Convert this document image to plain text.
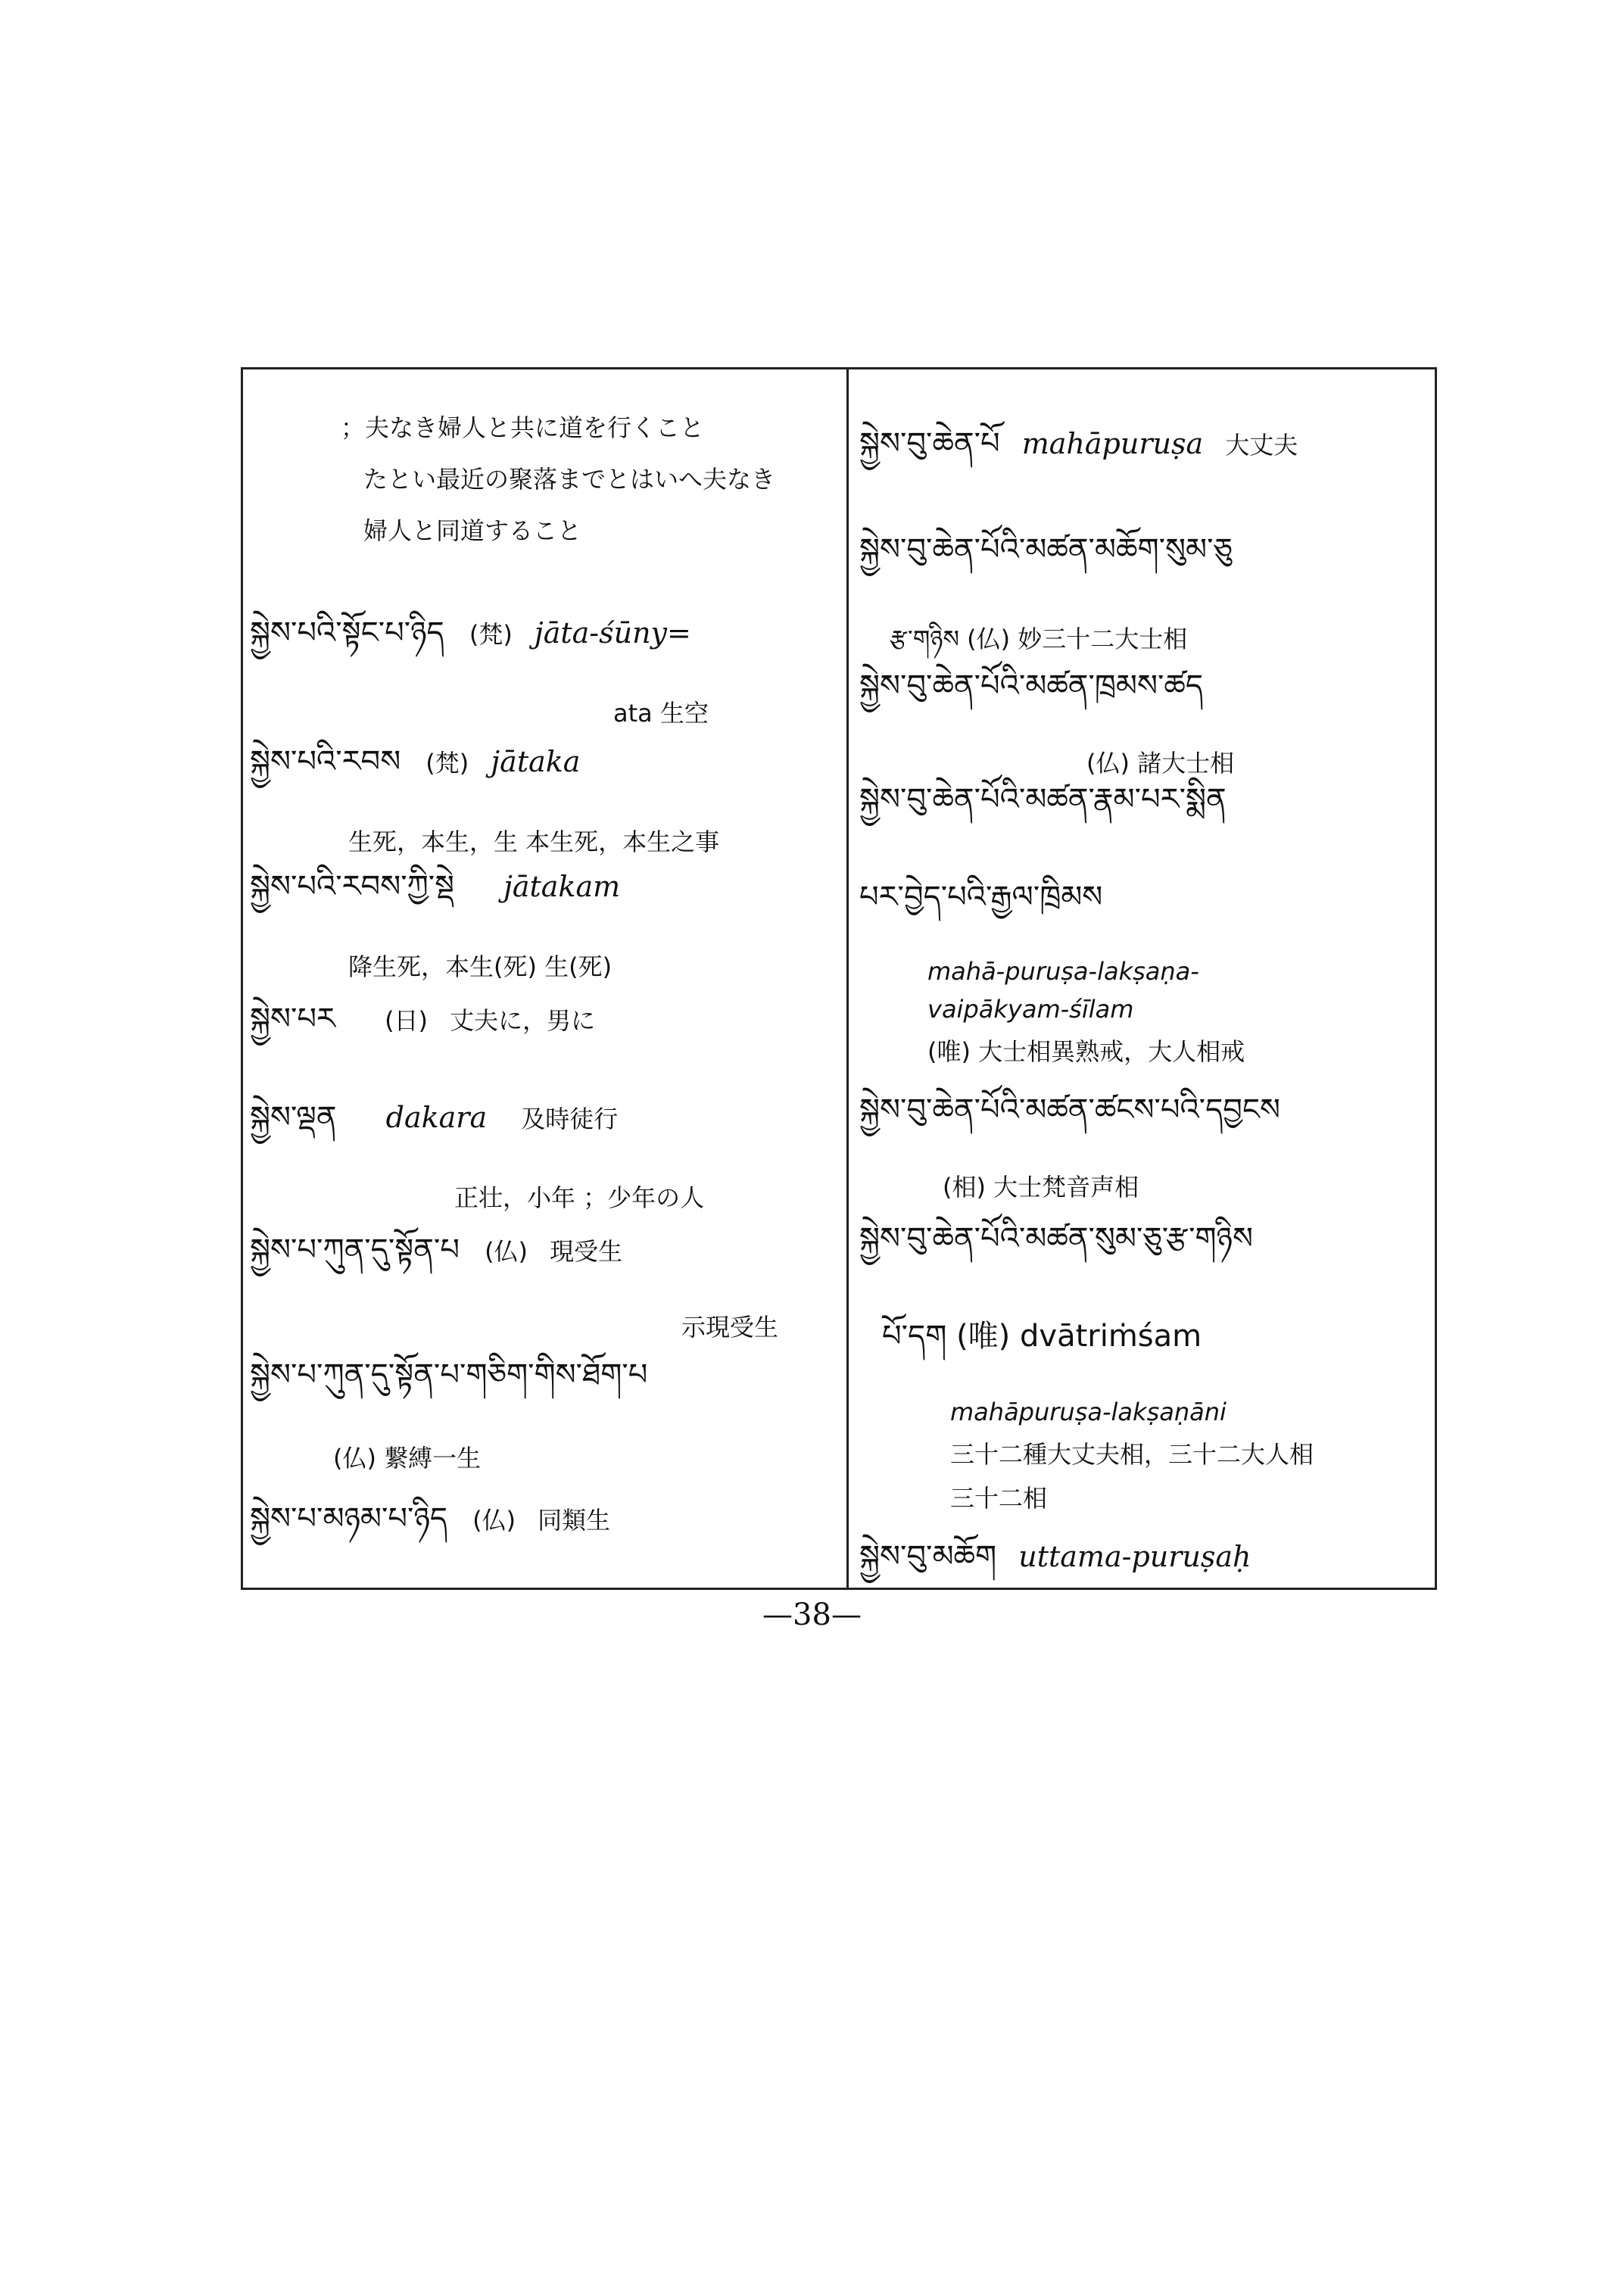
；夫なき婦人と共に道を行くこと
たとい最近の聚落までとはいへ夫なき
婦人と同道すること
སྐྱེས་པའི་སྟོང་པ་ཉིད (梵) jāta-śūny=
ata 生空
སྐྱེས་པའི་རབས (梵) jātaka
生死，本生，生 本生死，本生之事
སྐྱེས་པའི་རབས་ཀྱི་སྡེ jātakam
降生死，本生(死) 生(死)
སྐྱེས་པར (日) 丈夫に，男に
སྐྱེས་ལྡན dakara 及時徒行
正壮，小年 ；少年の人
སྐྱེས་པ་ཀུན་དུ་སྟོན་པ (仏) 現受生
示現受生
སྐྱེས་པ་ཀུན་དུ་སྟོན་པ་གཅིག་གིས་ཐོག་པ
(仏) 繋縛一生
སྐྱེས་པ་མཉམ་པ་ཉིད (仏) 同類生
སྐྱེས་བུ་ཆེན་པོ mahāpuruṣa 大丈夫
སྐྱེས་བུ་ཆེན་པོའི་མཚན་མཆོག་སུམ་ཅུ
རྩ་གཉིས (仏) 妙三十二大士相
སྐྱེས་བུ་ཆེན་པོའི་མཚན་ཁྲམས་ཚད
(仏) 諸大士相
སྐྱེས་བུ་ཆེན་པོའི་མཚན་རྣམ་པར་སྨིན
པར་བྱེད་པའི་རྒྱལ་ཁྲིམས
mahā-puruṣa-lakṣaṇa-
vaipākyam-śīlam
(唯) 大士相異熟戒，大人相戒
སྐྱེས་བུ་ཆེན་པོའི་མཚན་ཚངས་པའི་དབྱངས
(相) 大士梵音声相
སྐྱེས་བུ་ཆེན་པོའི་མཚན་སུམ་ཅུ་རྩ་གཉིས
པོ་དག (唯) dvātriṁśam
mahāpuruṣa-lakṣaṇāni
三十二種大丈夫相，三十二大人相
三十二相
སྐྱེས་བུ་མཆོག uttama-puruṣaḥ
—38—
